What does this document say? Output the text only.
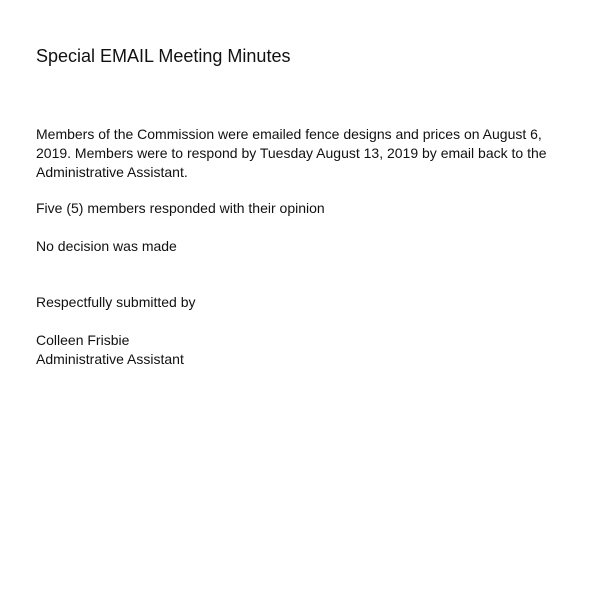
Special EMAIL Meeting Minutes

Members of the Commission were emailed fence designs and prices on August 6, 2019. Members were to respond by Tuesday August 13, 2019 by email back to the Administrative Assistant.

Five (5) members responded with their opinion

No decision was made

Respectfully submitted by

Colleen Frisbie
Administrative Assistant
